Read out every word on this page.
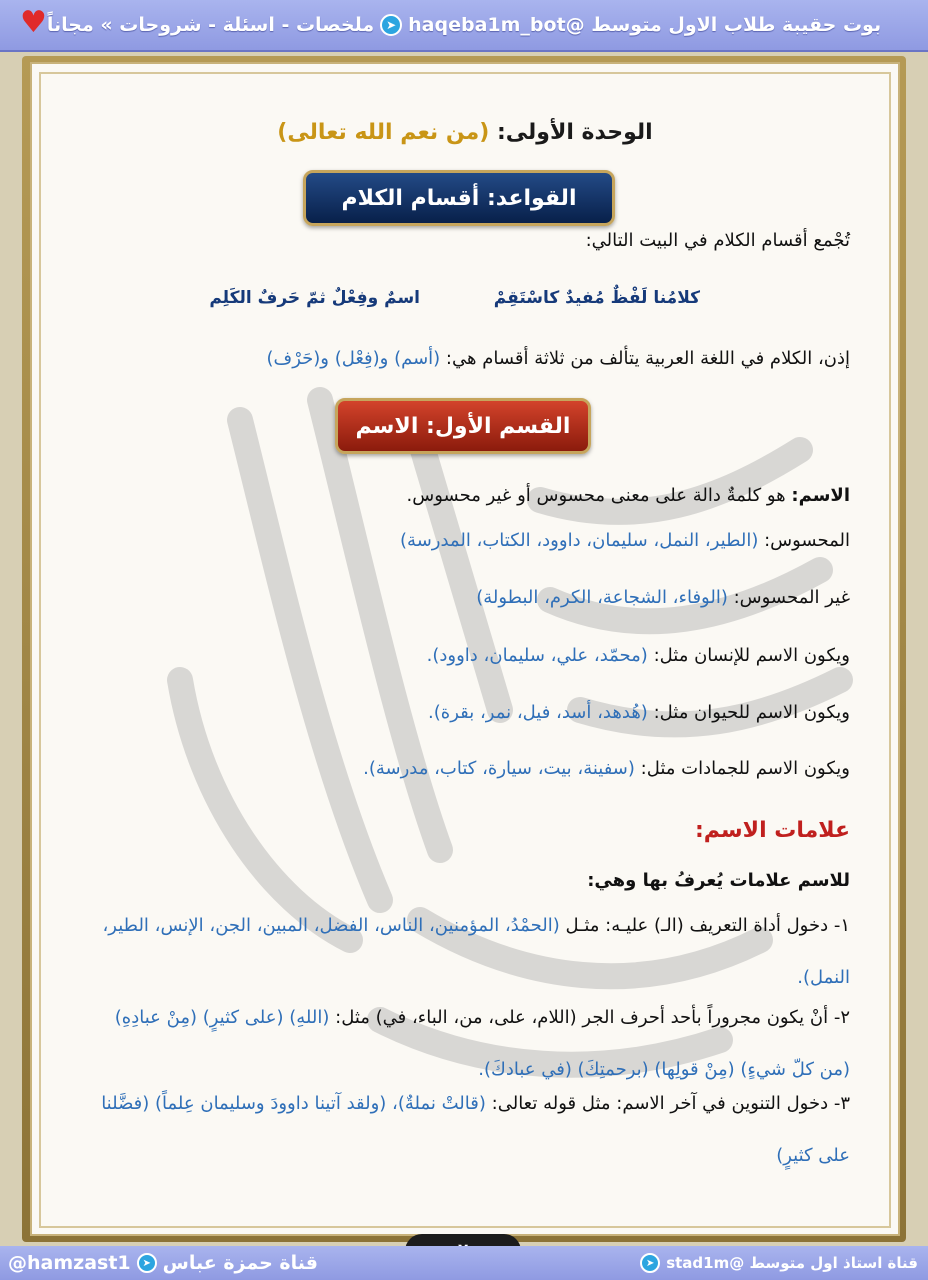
♥	بوت حقيبة طلاب الاول متوسط @haqeba1m_bot
➤
ملخصات - اسئلة - شروحات » مجاناً
الوحدة الأولى: (من نعم الله تعالى)
القواعد: أقسام الكلام
تُجْمع أقسام الكلام في البيت التالي:
كلامُنا لَفْظٌ مُفيدٌ كاسْتَقِمْ
اسمٌ وفِعْلٌ ثمّ حَرفٌ الكَلِم
إذن، الكلام في اللغة العربية يتألف من ثلاثة أقسام هي: (أسم) و(فِعْل) و(حَرْف)
القسم الأول: الاسم
الاسم: هو كلمةٌ دالة على معنى محسوس أو غير محسوس.
المحسوس: (الطير، النمل، سليمان، داوود، الكتاب، المدرسة)
غير المحسوس: (الوفاء، الشجاعة، الكرم، البطولة)
ويكون الاسم للإنسان مثل: (محمّد، علي، سليمان، داوود).
ويكون الاسم للحيوان مثل: (هُدهد، أسد، فيل، نمر، بقرة).
ويكون الاسم للجمادات مثل: (سفينة، بيت، سيارة، كتاب، مدرسة).
علامات الاسم:
للاسم علامات يُعرفُ بها وهي:
١- دخول أداة التعريف (الـ) عليـه: مثـل (الحمْدُ، المؤمنين، الناس، الفضل، المبين، الجن، الإنس، الطير، النمل).
٢- أنْ يكون مجروراً بأحد أحرف الجر (اللام، على، من، الباء، في) مثل: (اللهِ) (على كثيرٍ) (مِنْ عبادِهِ) (من كلّ شيءٍ) (مِنْ قولِها) (برحمتِكَ) (في عبادكَ).
٣- دخول التنوين في آخر الاسم: مثل قوله تعالى: (قالتْ نملةٌ)، (ولقد آتينا داوودَ وسليمان عِلماً) (فضَّلنا على كثيرٍ)
@hamzast1	➤ قناة حمزة عباس	قناة استاذ اول متوسط @stad1m
➤
